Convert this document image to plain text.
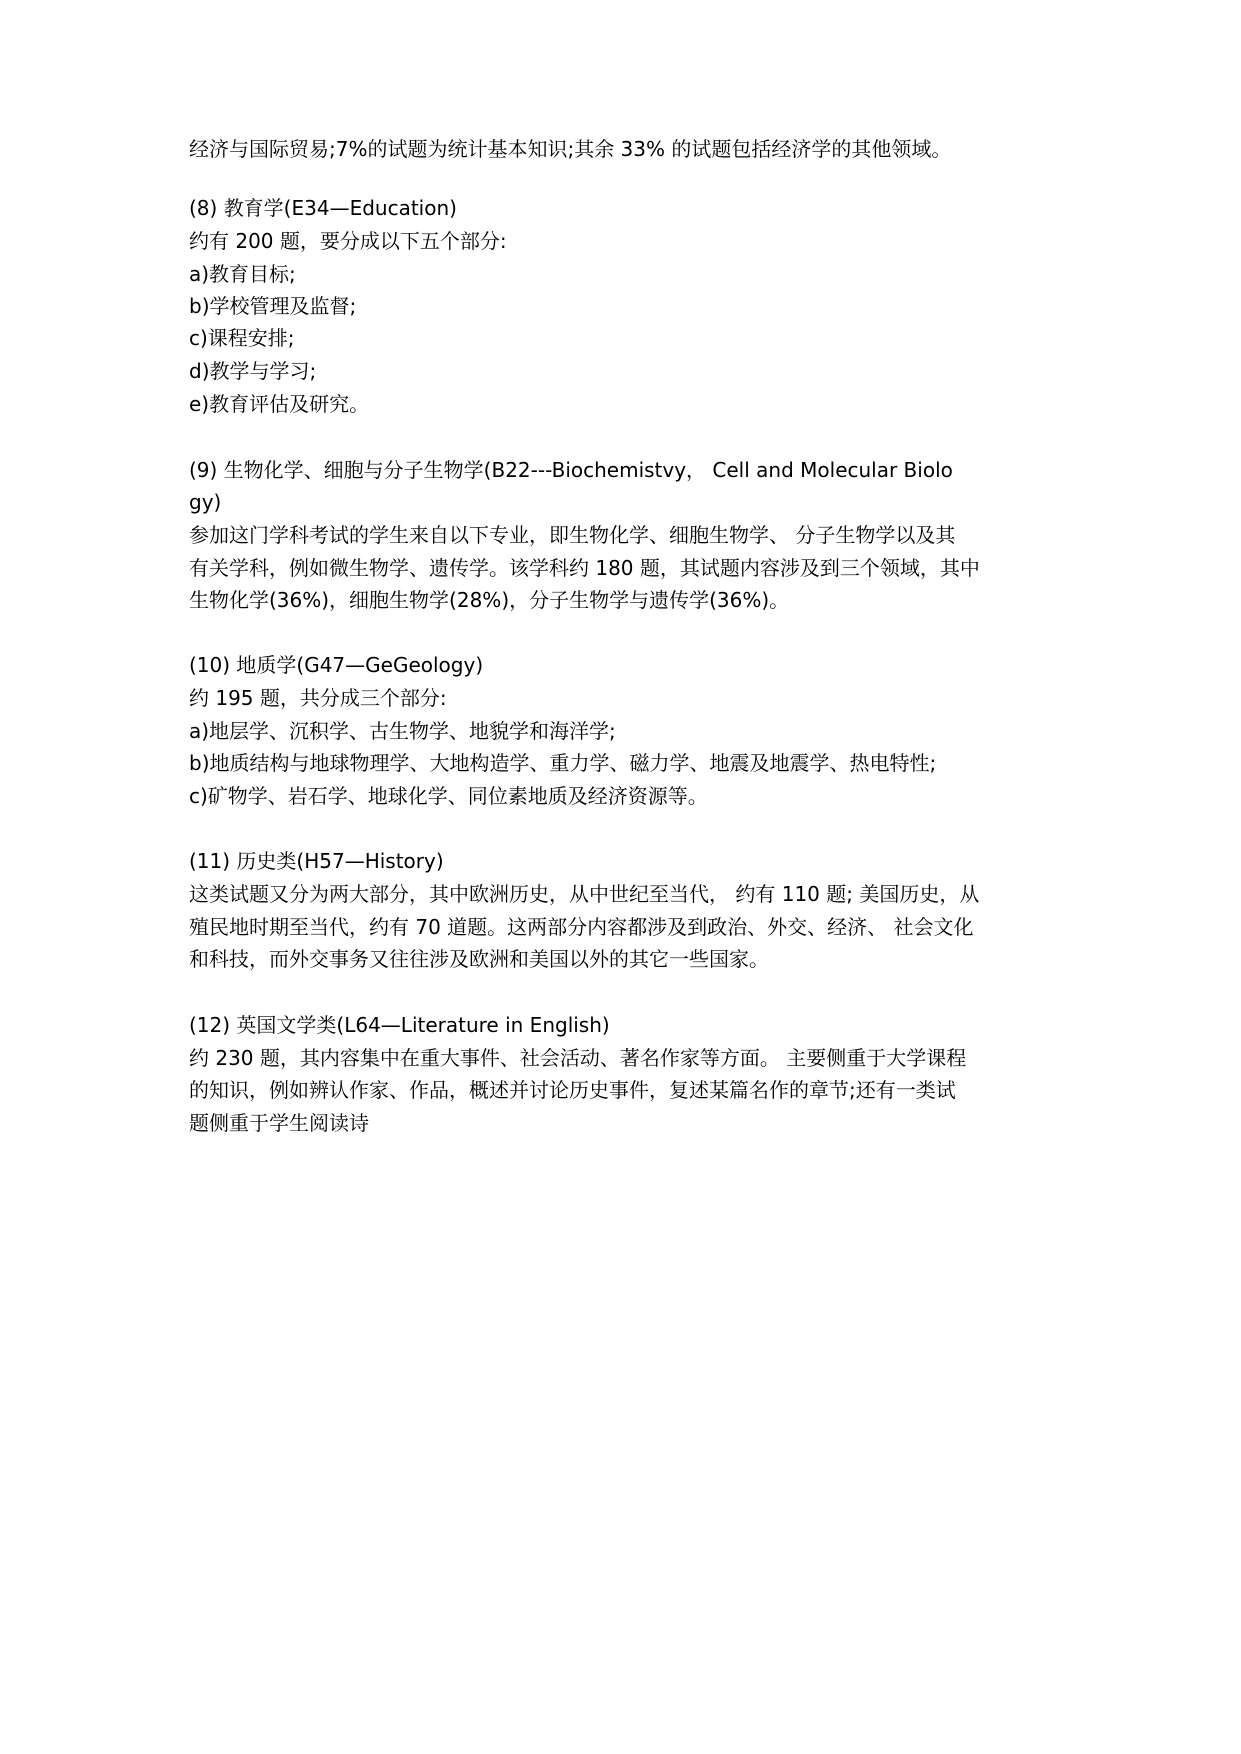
经济与国际贸易;7%的试题为统计基本知识;其余 33% 的试题包括经济学的其他领域。

(8) 教育学(E34—Education)

约有 200 题，要分成以下五个部分:

a)教育目标;

b)学校管理及监督;

c)课程安排;

d)教学与学习;

e)教育评估及研究。

(9) 生物化学、细胞与分子生物学(B22---Biochemistvy， Cell and Molecular Biolo

gy)

参加这门学科考试的学生来自以下专业，即生物化学、细胞生物学、 分子生物学以及其

有关学科，例如微生物学、遗传学。该学科约 180 题，其试题内容涉及到三个领域，其中

生物化学(36%)，细胞生物学(28%)，分子生物学与遗传学(36%)。

(10) 地质学(G47—GeGeology)

约 195 题，共分成三个部分:

a)地层学、沉积学、古生物学、地貌学和海洋学;

b)地质结构与地球物理学、大地构造学、重力学、磁力学、地震及地震学、热电特性;

c)矿物学、岩石学、地球化学、同位素地质及经济资源等。

(11) 历史类(H57—History)

这类试题又分为两大部分，其中欧洲历史，从中世纪至当代， 约有 110 题; 美国历史，从

殖民地时期至当代，约有 70 道题。这两部分内容都涉及到政治、外交、经济、 社会文化

和科技，而外交事务又往往涉及欧洲和美国以外的其它一些国家。

(12) 英国文学类(L64—Literature in English)

约 230 题，其内容集中在重大事件、社会活动、著名作家等方面。 主要侧重于大学课程

的知识，例如辨认作家、作品，概述并讨论历史事件，复述某篇名作的章节;还有一类试

题侧重于学生阅读诗
